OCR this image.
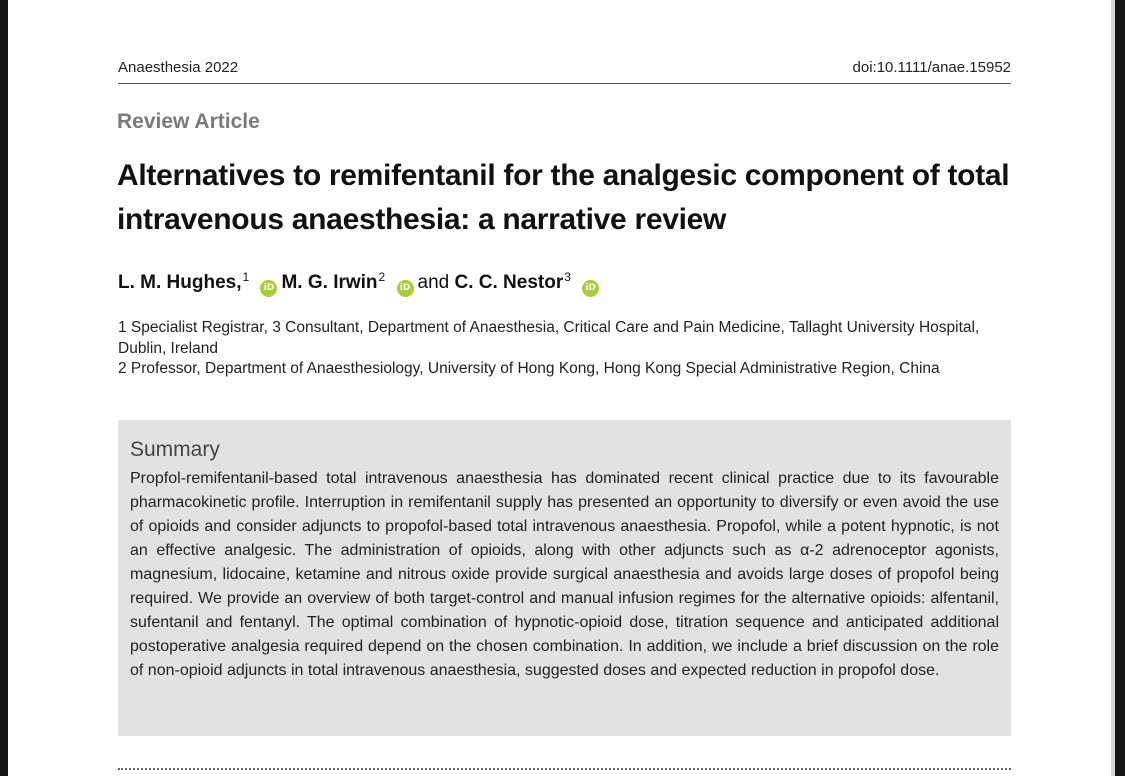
Anaesthesia 2022	doi:10.1111/anae.15952
Review Article
Alternatives to remifentanil for the analgesic component of total intravenous anaesthesia: a narrative review
L. M. Hughes,$^1$ iD M. G. Irwin$^2$ iD and C. C. Nestor$^3$ iD
1 Specialist Registrar, 3 Consultant, Department of Anaesthesia, Critical Care and Pain Medicine, Tallaght University Hospital, Dublin, Ireland
2 Professor, Department of Anaesthesiology, University of Hong Kong, Hong Kong Special Administrative Region, China
Summary
Propfol-remifentanil-based total intravenous anaesthesia has dominated recent clinical practice due to its favourable pharmacokinetic profile. Interruption in remifentanil supply has presented an opportunity to diversify or even avoid the use of opioids and consider adjuncts to propofol-based total intravenous anaesthesia. Propofol, while a potent hypnotic, is not an effective analgesic. The administration of opioids, along with other adjuncts such as α-2 adrenoceptor agonists, magnesium, lidocaine, ketamine and nitrous oxide provide surgical anaesthesia and avoids large doses of propofol being required. We provide an overview of both target-control and manual infusion regimes for the alternative opioids: alfentanil, sufentanil and fentanyl. The optimal combination of hypnotic-opioid dose, titration sequence and anticipated additional postoperative analgesia required depend on the chosen combination. In addition, we include a brief discussion on the role of non-opioid adjuncts in total intravenous anaesthesia, suggested doses and expected reduction in propofol dose.
